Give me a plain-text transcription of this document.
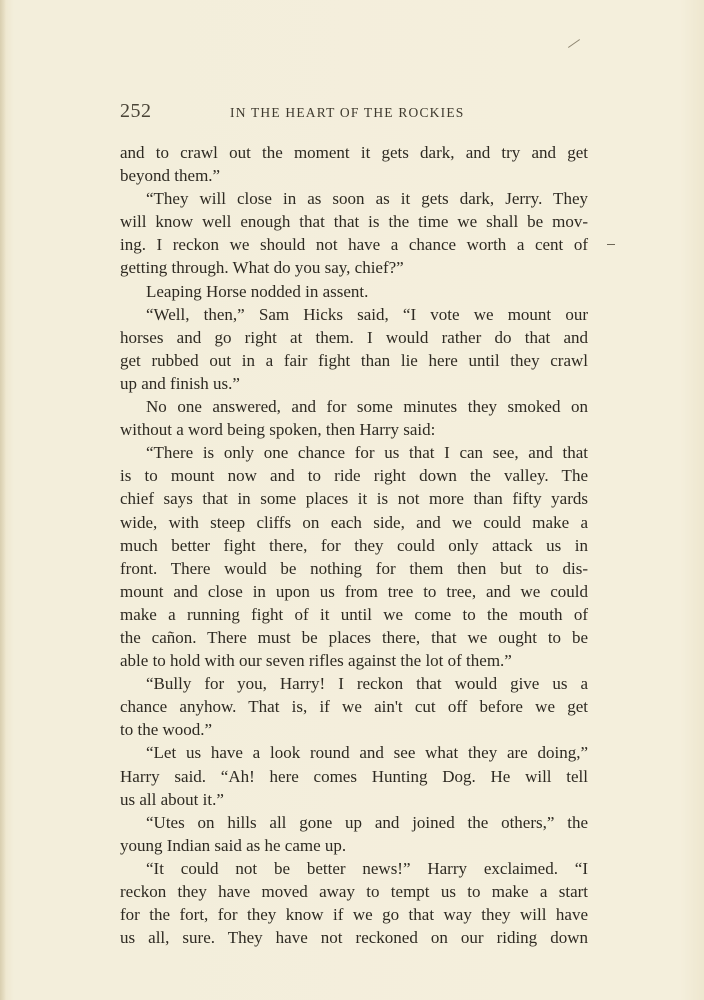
252	IN THE HEART OF THE ROCKIES
and to crawl out the moment it gets dark, and try and get
beyond them.”
“They will close in as soon as it gets dark, Jerry. They
will know well enough that that is the time we shall be mov-
ing. I reckon we should not have a chance worth a cent of
getting through. What do you say, chief?”
Leaping Horse nodded in assent.
“Well, then,” Sam Hicks said, “I vote we mount our
horses and go right at them. I would rather do that and
get rubbed out in a fair fight than lie here until they crawl
up and finish us.”
No one answered, and for some minutes they smoked on
without a word being spoken, then Harry said:
“There is only one chance for us that I can see, and that
is to mount now and to ride right down the valley. The
chief says that in some places it is not more than fifty yards
wide, with steep cliffs on each side, and we could make a
much better fight there, for they could only attack us in
front. There would be nothing for them then but to dis-
mount and close in upon us from tree to tree, and we could
make a running fight of it until we come to the mouth of
the cañon. There must be places there, that we ought to be
able to hold with our seven rifles against the lot of them.”
“Bully for you, Harry! I reckon that would give us a
chance anyhow. That is, if we ain't cut off before we get
to the wood.”
“Let us have a look round and see what they are doing,”
Harry said. “Ah! here comes Hunting Dog. He will tell
us all about it.”
“Utes on hills all gone up and joined the others,” the
young Indian said as he came up.
“It could not be better news!” Harry exclaimed. “I
reckon they have moved away to tempt us to make a start
for the fort, for they know if we go that way they will have
us all, sure. They have not reckoned on our riding down
